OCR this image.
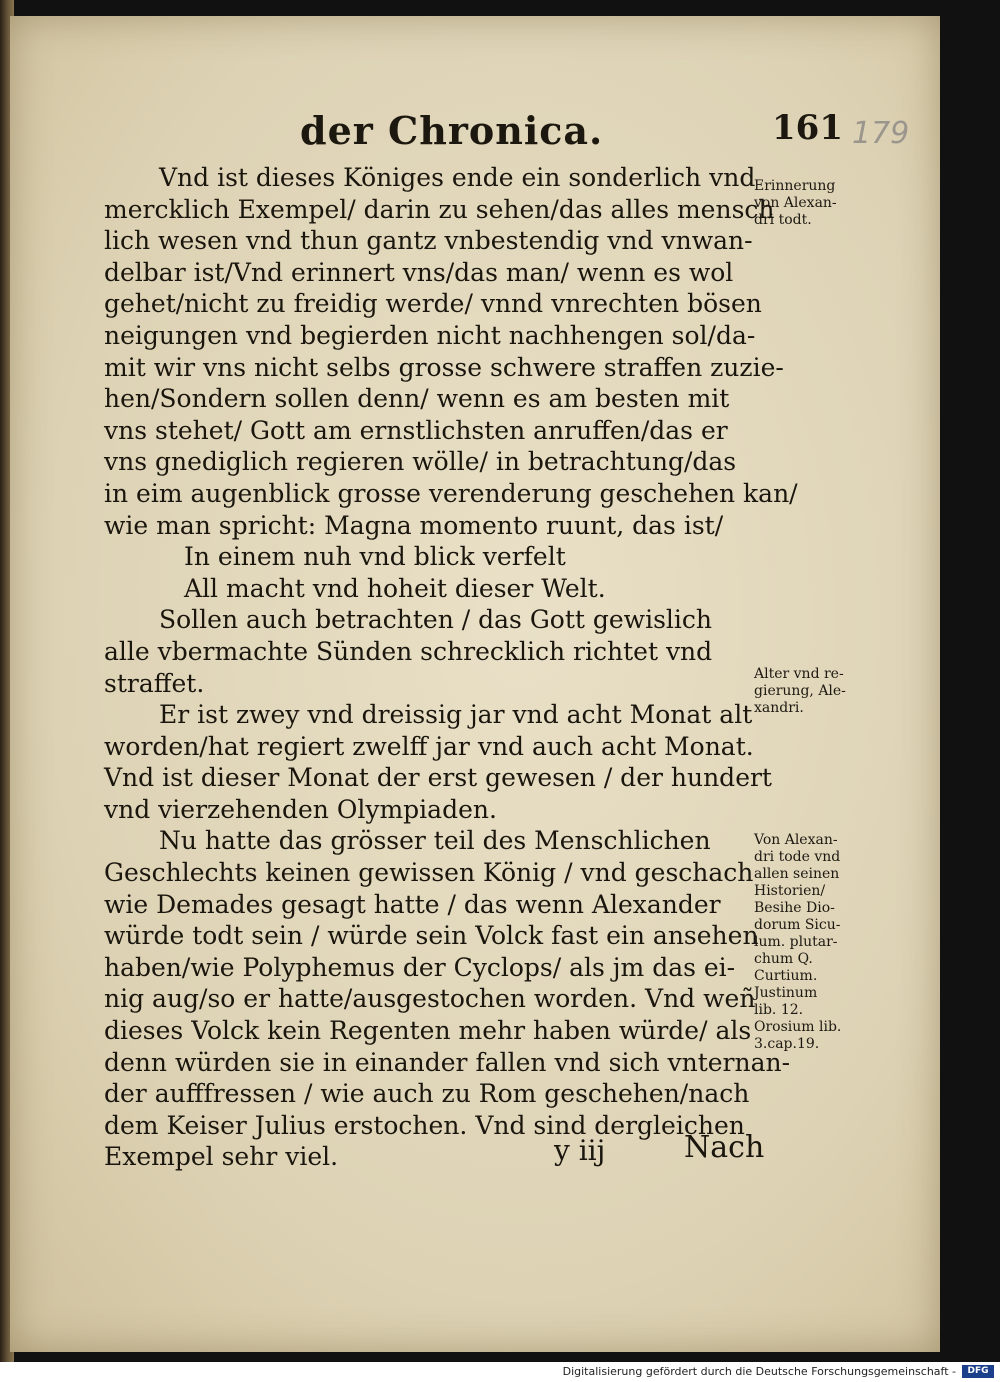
der Chronica.	161 179
Vnd ist dieses Königes ende ein sonderlich vnd
mercklich Exempel/ darin zu sehen/das alles mensch
lich wesen vnd thun gantz vnbestendig vnd vnwan-
delbar ist/Vnd erinnert vns/das man/ wenn es wol
gehet/nicht zu freidig werde/ vnnd vnrechten bösen
neigungen vnd begierden nicht nachhengen sol/da-
mit wir vns nicht selbs grosse schwere straffen zuzie-
hen/Sondern sollen denn/ wenn es am besten mit
vns stehet/ Gott am ernstlichsten anruffen/das er
vns gnediglich regieren wölle/ in betrachtung/das
in eim augenblick grosse verenderung geschehen kan/
wie man spricht: Magna momento ruunt, das ist/
In einem nuh vnd blick verfelt
All macht vnd hoheit dieser Welt.
Sollen auch betrachten / das Gott gewislich
alle vbermachte Sünden schrecklich richtet vnd
straffet.
Er ist zwey vnd dreissig jar vnd acht Monat alt
worden/hat regiert zwelff jar vnd auch acht Monat.
Vnd ist dieser Monat der erst gewesen / der hundert
vnd vierzehenden Olympiaden.
Nu hatte das grösser teil des Menschlichen
Geschlechts keinen gewissen König / vnd geschach
wie Demades gesagt hatte / das wenn Alexander
würde todt sein / würde sein Volck fast ein ansehen
haben/wie Polyphemus der Cyclops/ als jm das ei-
nig aug/so er hatte/ausgestochen worden. Vnd weñ
dieses Volck kein Regenten mehr haben würde/ als
denn würden sie in einander fallen vnd sich vnternan-
der aufffressen / wie auch zu Rom geschehen/nach
dem Keiser Julius erstochen. Vnd sind dergleichen
Exempel sehr viel.
Erinnerung
von Alexan-
dri todt.
Alter vnd re-
gierung, Ale-
xandri.
Von Alexan-
dri tode vnd
allen seinen
Historien/
Besihe Dio-
dorum Sicu-
lum. plutar-
chum Q.
Curtium.
Justinum
lib. 12.
Orosium lib.
3.cap.19.
y iij	Nach
Digitalisierung gefördert durch die Deutsche Forschungsgemeinschaft -	DFG
